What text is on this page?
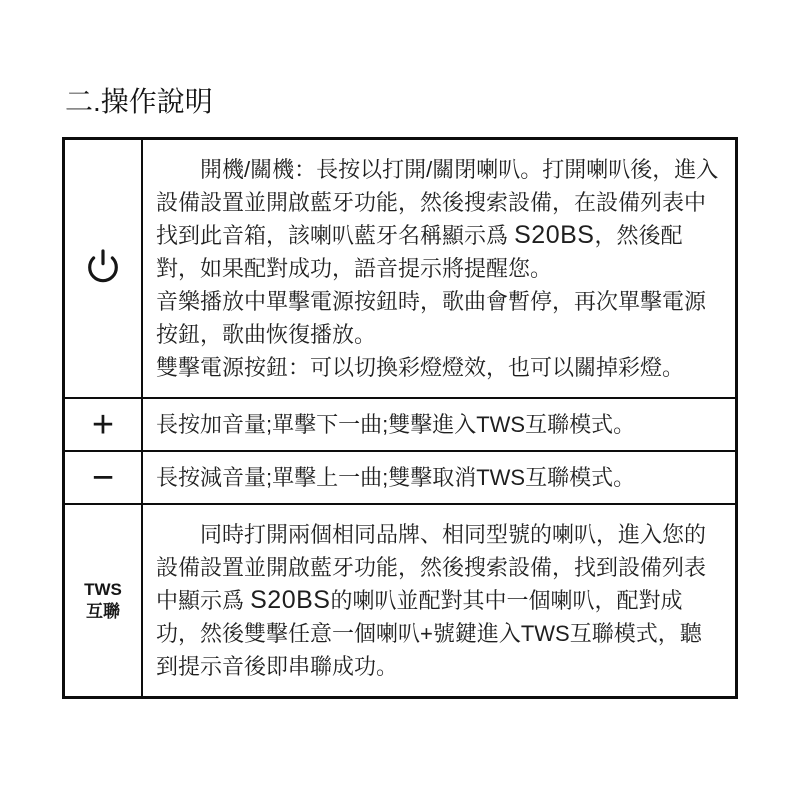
二.操作說明

開機/關機：長按以打開/關閉喇叭。打開喇叭後，進入設備設置並開啟藍牙功能，然後搜索設備，在設備列表中找到此音箱，該喇叭藍牙名稱顯示爲 S20BS，然後配對，如果配對成功，語音提示將提醒您。

音樂播放中單擊電源按鈕時，歌曲會暫停，再次單擊電源按鈕，歌曲恢復播放。

雙擊電源按鈕：可以切換彩燈燈效，也可以關掉彩燈。

+	長按加音量;單擊下一曲;雙擊進入TWS互聯模式。

−	長按減音量;單擊上一曲;雙擊取消TWS互聯模式。

TWS
互聯	同時打開兩個相同品牌、相同型號的喇叭，進入您的設備設置並開啟藍牙功能，然後搜索設備，找到設備列表中顯示爲 S20BS的喇叭並配對其中一個喇叭，配對成功，然後雙擊任意一個喇叭+號鍵進入TWS互聯模式，聽到提示音後即串聯成功。
